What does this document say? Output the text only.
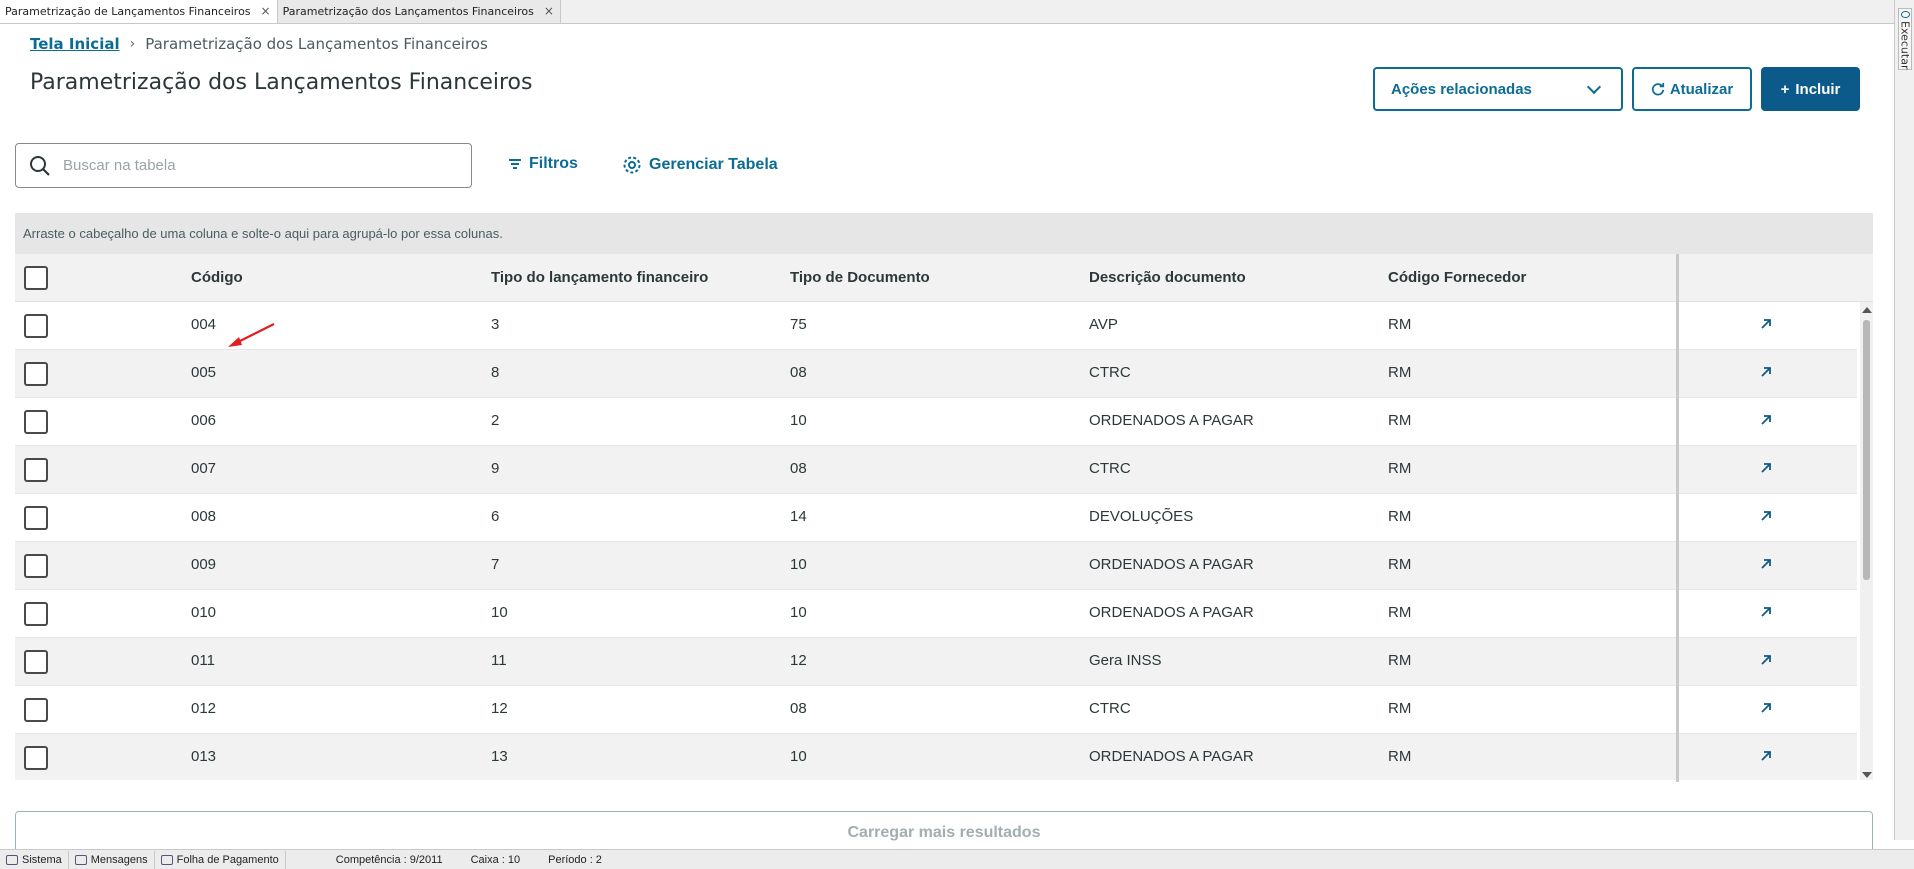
Parametrização de Lançamentos Financeiros × Parametrização dos Lançamentos Financeiros ×
Executar
Tela Inicial › Parametrização dos Lançamentos Financeiros
Parametrização dos Lançamentos Financeiros	Ações relacionadas	Atualizar	+ Incluir
Buscar na tabela
Filtros	Gerenciar Tabela
Arraste o cabeçalho de uma coluna e solte-o aqui para agrupá-lo por essa colunas.
Código	Tipo do lançamento financeiro	Tipo de Documento	Descrição documento	Código Fornecedor
004	3	75	AVP	RM
005	8	08	CTRC	RM
006	2	10	ORDENADOS A PAGAR	RM
007	9	08	CTRC	RM
008	6	14	DEVOLUÇÕES	RM
009	7	10	ORDENADOS A PAGAR	RM
010	10	10	ORDENADOS A PAGAR	RM
011	11	12	Gera INSS	RM
012	12	08	CTRC	RM
013	13	10	ORDENADOS A PAGAR	RM
Carregar mais resultados
Sistema	Mensagens	Folha de Pagamento	Competência : 9/2011	Caixa : 10	Período : 2
